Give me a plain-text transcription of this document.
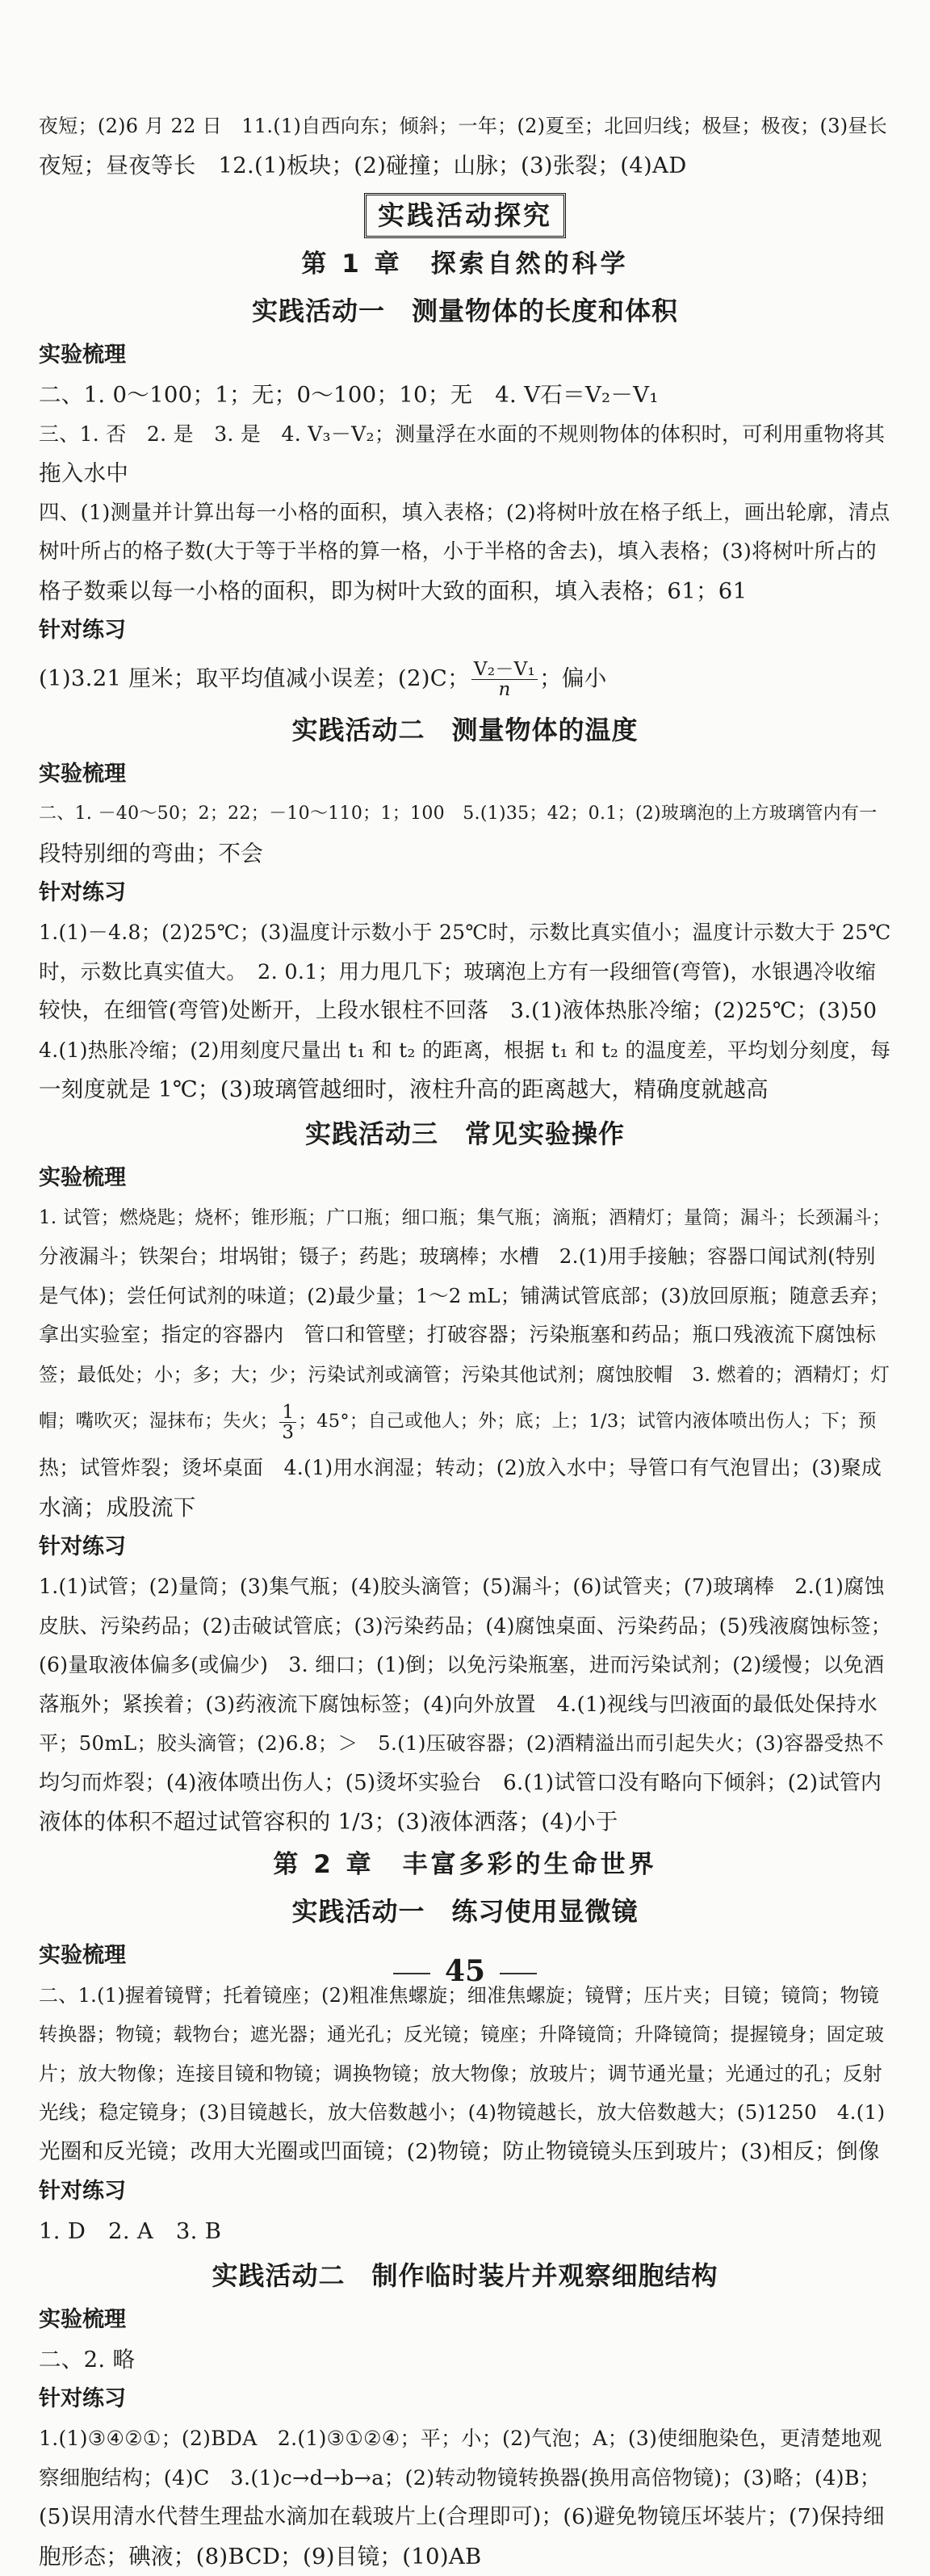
夜短；(2)6 月 22 日　11.(1)自西向东；倾斜；一年；(2)夏至；北回归线；极昼；极夜；(3)昼长
夜短；昼夜等长　12.(1)板块；(2)碰撞；山脉；(3)张裂；(4)AD
实践活动探究
第 1 章　探索自然的科学
实践活动一　测量物体的长度和体积
实验梳理
二、1. 0～100；1；无；0～100；10；无　4. V石＝V₂－V₁
三、1. 否　2. 是　3. 是　4. V₃－V₂；测量浮在水面的不规则物体的体积时，可利用重物将其
拖入水中
四、(1)测量并计算出每一小格的面积，填入表格；(2)将树叶放在格子纸上，画出轮廓，清点
树叶所占的格子数(大于等于半格的算一格，小于半格的舍去)，填入表格；(3)将树叶所占的
格子数乘以每一小格的面积，即为树叶大致的面积，填入表格；61；61
针对练习
(1)3.21 厘米；取平均值减小误差；(2)C； $\frac{\text{V₂－V₁}}{n}$ ；偏小
实践活动二　测量物体的温度
实验梳理
二、1. －40～50；2；22；－10～110；1；100　5.(1)35；42；0.1；(2)玻璃泡的上方玻璃管内有一
段特别细的弯曲；不会
针对练习
1.(1)－4.8；(2)25℃；(3)温度计示数小于 25℃时，示数比真实值小；温度计示数大于 25℃
时，示数比真实值大。　2. 0.1；用力甩几下；玻璃泡上方有一段细管(弯管)，水银遇冷收缩
较快，在细管(弯管)处断开，上段水银柱不回落　3.(1)液体热胀冷缩；(2)25℃；(3)50
4.(1)热胀冷缩；(2)用刻度尺量出 t₁ 和 t₂ 的距离，根据 t₁ 和 t₂ 的温度差，平均划分刻度，每
一刻度就是 1℃；(3)玻璃管越细时，液柱升高的距离越大，精确度就越高
实践活动三　常见实验操作
实验梳理
1. 试管；燃烧匙；烧杯；锥形瓶；广口瓶；细口瓶；集气瓶；滴瓶；酒精灯；量筒；漏斗；长颈漏斗；
分液漏斗；铁架台；坩埚钳；镊子；药匙；玻璃棒；水槽　2.(1)用手接触；容器口闻试剂(特别
是气体)；尝任何试剂的味道；(2)最少量；1～2 mL；铺满试管底部；(3)放回原瓶；随意丢弃；
拿出实验室；指定的容器内　管口和管壁；打破容器；污染瓶塞和药品；瓶口残液流下腐蚀标
签；最低处；小；多；大；少；污染试剂或滴管；污染其他试剂；腐蚀胶帽　3. 燃着的；酒精灯；灯
帽；嘴吹灭；湿抹布；失火； $\frac{1}{3}$ ；45°；自己或他人；外；底；上；1/3；试管内液体喷出伤人；下；预
热；试管炸裂；烫坏桌面　4.(1)用水润湿；转动；(2)放入水中；导管口有气泡冒出；(3)聚成
水滴；成股流下
针对练习
1.(1)试管；(2)量筒；(3)集气瓶；(4)胶头滴管；(5)漏斗；(6)试管夹；(7)玻璃棒　2.(1)腐蚀
皮肤、污染药品；(2)击破试管底；(3)污染药品；(4)腐蚀桌面、污染药品；(5)残液腐蚀标签；
(6)量取液体偏多(或偏少)　3. 细口；(1)倒；以免污染瓶塞，进而污染试剂；(2)缓慢；以免酒
落瓶外；紧挨着；(3)药液流下腐蚀标签；(4)向外放置　4.(1)视线与凹液面的最低处保持水
平；50mL；胶头滴管；(2)6.8；＞　5.(1)压破容器；(2)酒精溢出而引起失火；(3)容器受热不
均匀而炸裂；(4)液体喷出伤人；(5)烫坏实验台　6.(1)试管口没有略向下倾斜；(2)试管内
液体的体积不超过试管容积的 1/3；(3)液体洒落；(4)小于
第 2 章　丰富多彩的生命世界
实践活动一　练习使用显微镜
实验梳理
二、1.(1)握着镜臂；托着镜座；(2)粗准焦螺旋；细准焦螺旋；镜臂；压片夹；目镜；镜筒；物镜
转换器；物镜；载物台；遮光器；通光孔；反光镜；镜座；升降镜筒；升降镜筒；提握镜身；固定玻
片；放大物像；连接目镜和物镜；调换物镜；放大物像；放玻片；调节通光量；光通过的孔；反射
光线；稳定镜身；(3)目镜越长，放大倍数越小；(4)物镜越长，放大倍数越大；(5)1250　4.(1)
光圈和反光镜；改用大光圈或凹面镜；(2)物镜；防止物镜镜头压到玻片；(3)相反；倒像
针对练习
1. D　2. A　3. B
实践活动二　制作临时装片并观察细胞结构
实验梳理
二、2. 略
针对练习
1.(1)③④②①；(2)BDA　2.(1)③①②④；平；小；(2)气泡；A；(3)使细胞染色，更清楚地观
察细胞结构；(4)C　3.(1)c→d→b→a；(2)转动物镜转换器(换用高倍物镜)；(3)略；(4)B；
(5)误用清水代替生理盐水滴加在载玻片上(合理即可)；(6)避免物镜压坏装片；(7)保持细
胞形态；碘液；(8)BCD；(9)目镜；(10)AB
45
